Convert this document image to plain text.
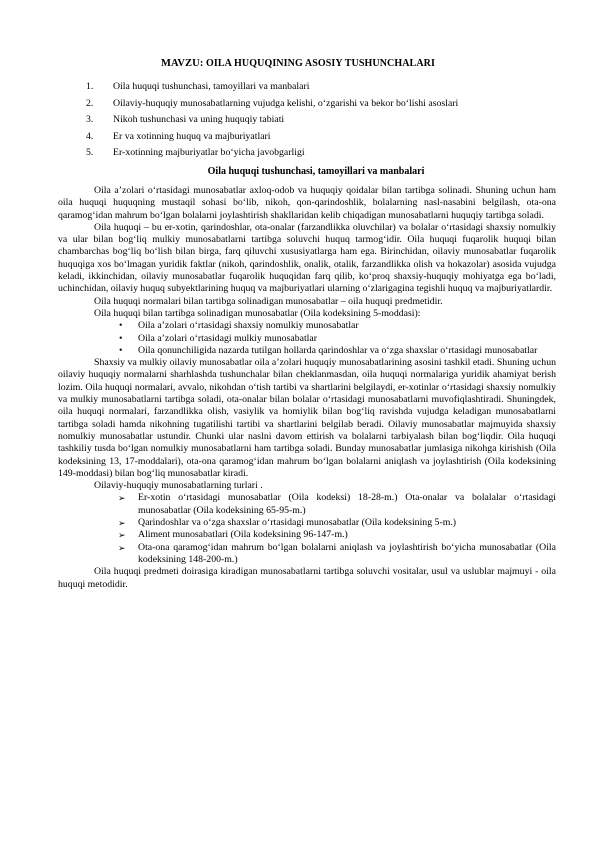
MAVZU: OILA HUQUQINING ASOSIY TUSHUNCHALARI
1.	Oila huquqi tushunchasi, tamoyillari va manbalari
2.	Oilaviy-huquqiy munosabatlarning vujudga kelishi, oʻzgarishi va bekor boʻlishi asoslari
3.	Nikoh tushunchasi va uning huquqiy tabiati
4.	Er va xotinning huquq va majburiyatlari
5.	Er-xotinning majburiyatlar boʻyicha javobgarligi
Oila huquqi tushunchasi, tamoyillari va manbalari

Oila a’zolari oʻrtasidagi munosabatlar axloq-odob va huquqiy qoidalar bilan tartibga solinadi. Shuning uchun ham oila huquqi huquqning mustaqil sohasi boʻlib, nikoh, qon-qarindoshlik, bolalarning nasl-nasabini belgilash, ota-ona qaramogʻidan mahrum boʻlgan bolalarni joylashtirish shakllaridan kelib chiqadigan munosabatlarni huquqiy tartibga soladi.

Oila huquqi – bu er-xotin, qarindoshlar, ota-onalar (farzandlikka oluvchilar) va bolalar oʻrtasidagi shaxsiy nomulkiy va ular bilan bogʻliq mulkiy munosabatlarni tartibga soluvchi huquq tarmogʻidir. Oila huquqi fuqarolik huquqi bilan chambarchas bogʻliq boʻlish bilan birga, farq qiluvchi xususiyatlarga ham ega. Birinchidan, oilaviy munosabatlar fuqarolik huquqiga xos boʻlmagan yuridik faktlar (nikoh, qarindoshlik, onalik, otalik, farzandlikka olish va hokazolar) asosida vujudga keladi, ikkinchidan, oilaviy munosabatlar fuqarolik huquqidan farq qilib, koʻproq shaxsiy-huquqiy mohiyatga ega boʻladi, uchinchidan, oilaviy huquq subyektlarining huquq va majburiyatlari ularning oʻzlarigagina tegishli huquq va majburiyatlardir.

Oila huquqi normalari bilan tartibga solinadigan munosabatlar – oila huquqi predmetidir.

Oila huquqi bilan tartibga solinadigan munosabatlar (Oila kodeksining 5-moddasi):

• Oila a’zolari oʻrtasidagi shaxsiy nomulkiy munosabatlar
• Oila a’zolari oʻrtasidagi mulkiy munosabatlar
• Oila qonunchiligida nazarda tutilgan hollarda qarindoshlar va oʻzga shaxslar oʻrtasidagi munosabatlar

Shaxsiy va mulkiy oilaviy munosabatlar oila a’zolari huquqiy munosabatlarining asosini tashkil etadi. Shuning uchun oilaviy huquqiy normalarni sharhlashda tushunchalar bilan cheklanmasdan, oila huquqi normalariga yuridik ahamiyat berish lozim. Oila huquqi normalari, avvalo, nikohdan oʻtish tartibi va shartlarini belgilaydi, er-xotinlar oʻrtasidagi shaxsiy nomulkiy va mulkiy munosabatlarni tartibga soladi, ota-onalar bilan bolalar oʻrtasidagi munosabatlarni muvofiqlashtiradi. Shuningdek, oila huquqi normalari, farzandlikka olish, vasiylik va homiylik bilan bogʻliq ravishda vujudga keladigan munosabatlarni tartibga soladi hamda nikohning tugatilishi tartibi va shartlarini belgilab beradi. Oilaviy munosabatlar majmuyida shaxsiy nomulkiy munosabatlar ustundir. Chunki ular naslni davom ettirish va bolalarni tarbiyalash bilan bogʻliqdir. Oila huquqi tashkiliy tusda boʻlgan nomulkiy munosabatlarni ham tartibga soladi. Bunday munosabatlar jumlasiga nikohga kirishish (Oila kodeksining 13, 17-moddalari), ota-ona qaramogʻidan mahrum boʻlgan bolalarni aniqlash va joylashtirish (Oila kodeksining 149-moddasi) bilan bogʻliq munosabatlar kiradi.

Oilaviy-huquqiy munosabatlarning turlari .

➢ Er-xotin oʻrtasidagi munosabatlar (Oila kodeksi) 18-28-m.) Ota-onalar va bolalalar oʻrtasidagi munosabatlar (Oila kodeksining 65-95-m.)
➢ Qarindoshlar va oʻzga shaxslar oʻrtasidagi munosabatlar (Oila kodeksining 5-m.)
➢ Aliment munosabatlari (Oila kodeksining 96-147-m.)
➢ Ota-ona qaramogʻidan mahrum boʻlgan bolalarni aniqlash va joylashtirish boʻyicha munosabatlar (Oila kodeksining 148-200-m.)

Oila huquqi predmeti doirasiga kiradigan munosabatlarni tartibga soluvchi vositalar, usul va uslublar majmuyi - oila huquqi metodidir.
